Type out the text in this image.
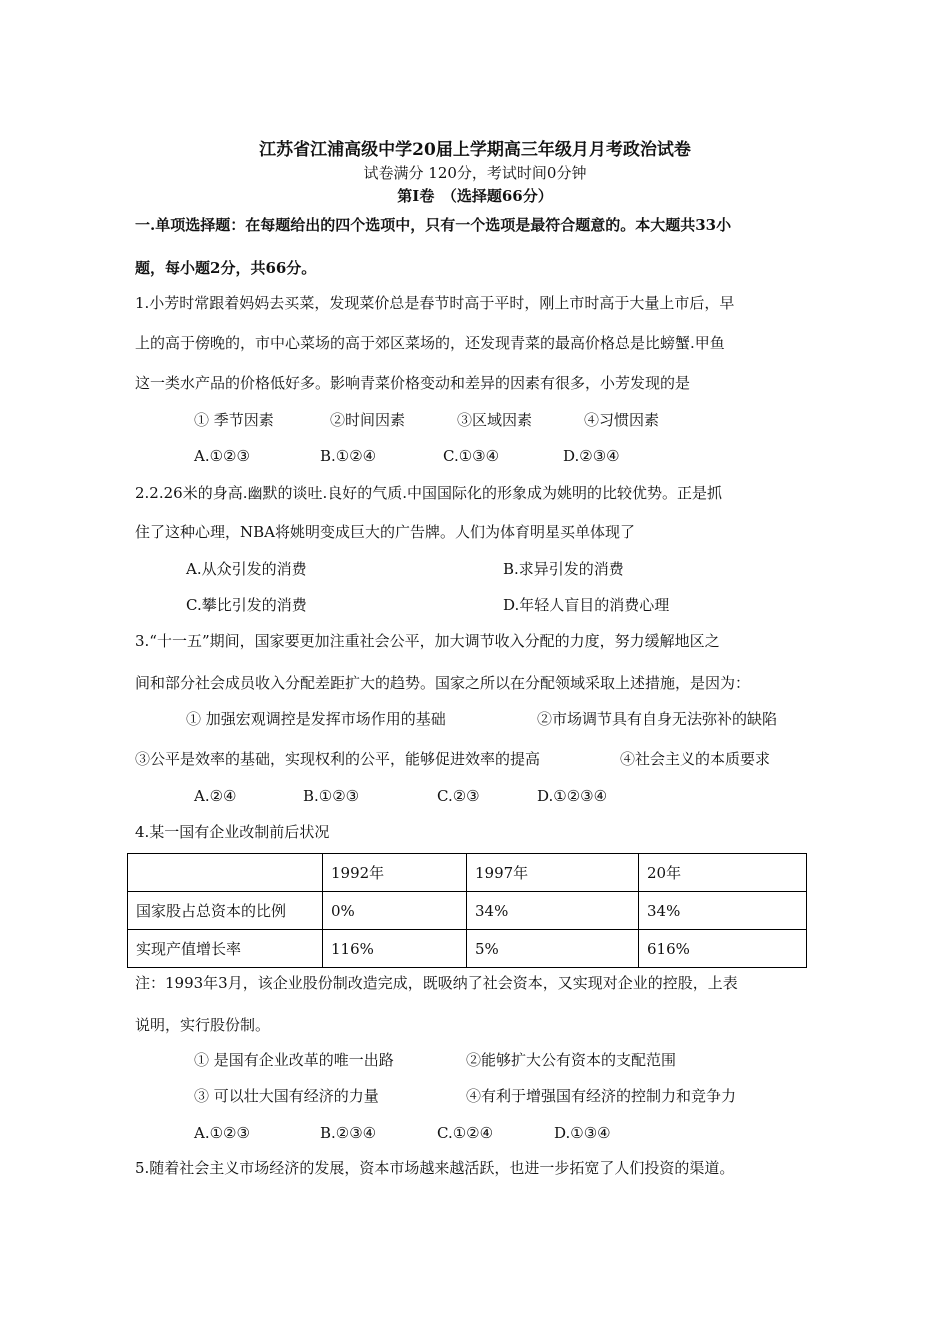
江苏省江浦高级中学20届上学期高三年级月月考政治试卷
试卷满分 120分，考试时间0分钟
第Ⅰ卷　（选择题66分）
一.单项选择题：在每题给出的四个选项中，只有一个选项是最符合题意的。本大题共33小
题，每小题2分，共66分。
1.小芳时常跟着妈妈去买菜，发现菜价总是春节时高于平时，刚上市时高于大量上市后，早
上的高于傍晚的，市中心菜场的高于郊区菜场的，还发现青菜的最高价格总是比螃蟹.甲鱼
这一类水产品的价格低好多。影响青菜价格变动和差异的因素有很多，小芳发现的是
① 季节因素	②时间因素	③区域因素	④习惯因素
A.①②③	B.①②④	C.①③④	D.②③④
2.2.26米的身高.幽默的谈吐.良好的气质.中国国际化的形象成为姚明的比较优势。正是抓
住了这种心理，NBA将姚明变成巨大的广告牌。人们为体育明星买单体现了
A.从众引发的消费	B.求异引发的消费
C.攀比引发的消费	D.年轻人盲目的消费心理
3.“十一五”期间，国家要更加注重社会公平，加大调节收入分配的力度，努力缓解地区之
间和部分社会成员收入分配差距扩大的趋势。国家之所以在分配领域采取上述措施，是因为：
① 加强宏观调控是发挥市场作用的基础	②市场调节具有自身无法弥补的缺陷
③公平是效率的基础，实现权利的公平，能够促进效率的提高	④社会主义的本质要求
A.②④	B.①②③	C.②③	D.①②③④
4.某一国有企业改制前后状况
	1992年	1997年	20年
国家股占总资本的比例	0%	34%	34%
实现产值增长率	116%	5%	616%
注：1993年3月，该企业股份制改造完成，既吸纳了社会资本，又实现对企业的控股，上表
说明，实行股份制。
① 是国有企业改革的唯一出路	②能够扩大公有资本的支配范围
③ 可以壮大国有经济的力量	④有利于增强国有经济的控制力和竞争力
A.①②③	B.②③④	C.①②④	D.①③④
5.随着社会主义市场经济的发展，资本市场越来越活跃，也进一步拓宽了人们投资的渠道。
